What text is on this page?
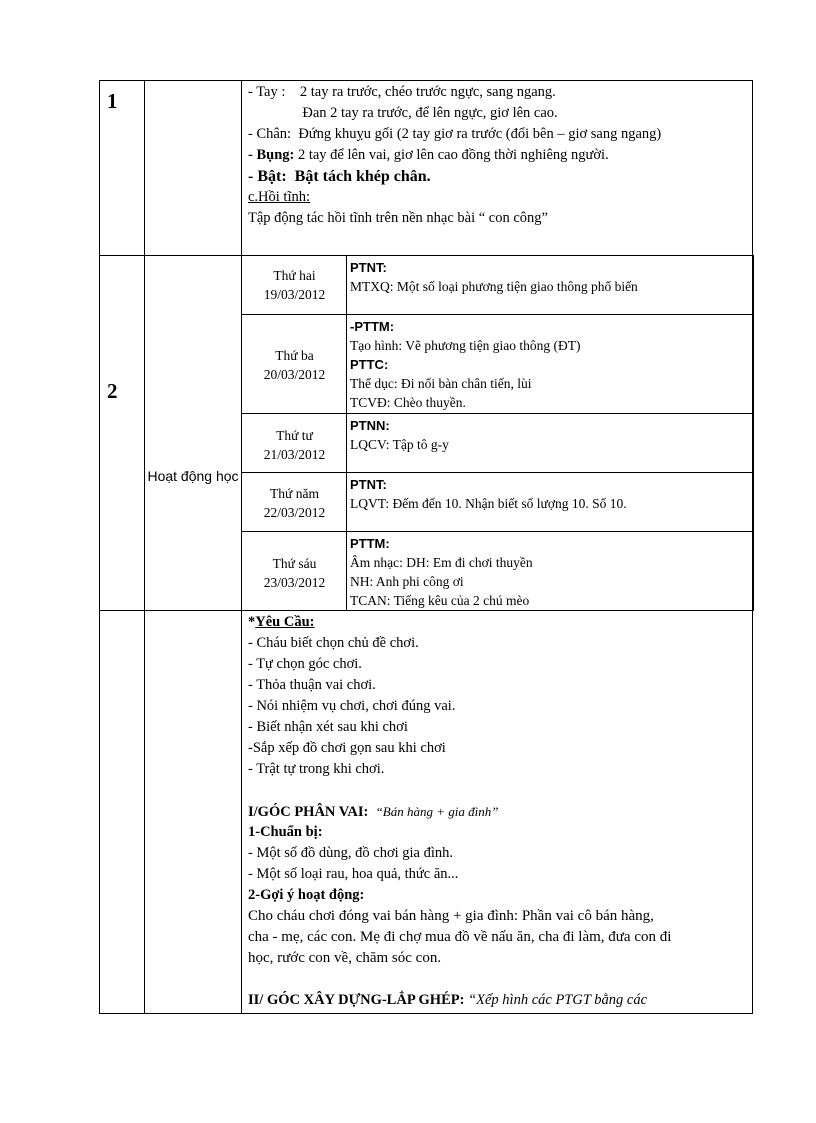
1	- Tay :    2 tay ra trước, chéo trước ngực, sang ngang.
Đan 2 tay ra trước, để lên ngực, giơ lên cao.
- Chân:  Đứng khuỵu gối (2 tay giơ ra trước (đổi bên – giơ sang ngang)
- Bụng: 2 tay để lên vai, giơ lên cao đồng thời nghiêng người.
- Bật:  Bật tách khép chân.
c.Hồi tĩnh:
Tập động tác hồi tĩnh trên nền nhạc bài “ con công”
2
Hoạt động học
Thứ hai
19/03/2012
PTNT:
MTXQ: Một số loại phương tiện giao thông phổ biến
Thứ ba
20/03/2012
-PTTM:
Tạo hình: Vẽ phương tiện giao thông (ĐT)
PTTC:
Thể dục: Đi nối bàn chân tiến, lùi
TCVĐ: Chèo thuyền.
Thứ tư
21/03/2012
PTNN:
LQCV: Tập tô g-y
Thứ năm
22/03/2012
PTNT:
LQVT: Đếm đến 10. Nhận biết số lượng 10. Số 10.
Thứ sáu
23/03/2012
PTTM:
Âm nhạc: DH: Em đi chơi thuyền
NH: Anh phi công ơi
TCAN: Tiếng kêu của 2 chú mèo
*Yêu Cầu:
- Cháu biết chọn chủ đề chơi.
- Tự chọn góc chơi.
- Thỏa thuận vai chơi.
- Nói nhiệm vụ chơi, chơi đúng vai.
- Biết nhận xét sau khi chơi
-Sắp xếp đồ chơi gọn sau khi chơi
- Trật tự trong khi chơi.
I/GÓC PHÂN VAI: “Bán hàng + gia đình”
1-Chuẩn bị:
- Một số đồ dùng, đồ chơi gia đình.
- Một số loại rau, hoa quả, thức ăn...
2-Gợi ý hoạt động:
Cho cháu chơi đóng vai bán hàng + gia đình: Phần vai cô bán hàng,
cha - mẹ, các con. Mẹ đi chợ mua đồ về nấu ăn, cha đi làm, đưa con đi
học, rước con về, chăm sóc con.
II/ GÓC XÂY DỰNG-LẮP GHÉP: “Xếp hình các PTGT bằng các
